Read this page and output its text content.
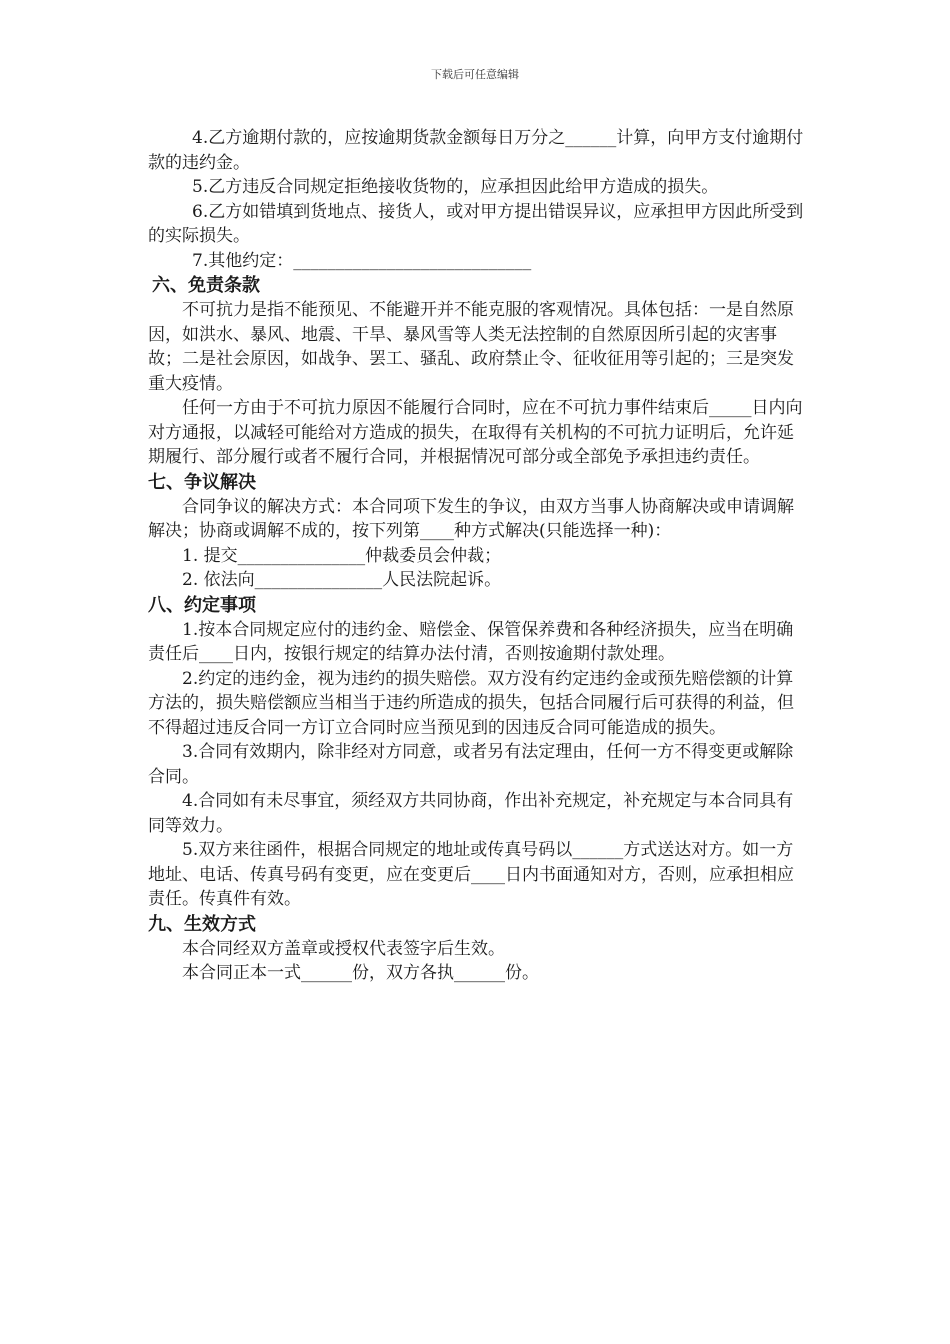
下载后可任意编辑

4.乙方逾期付款的，应按逾期货款金额每日万分之______计算，向甲方支付逾期付款的违约金。

5.乙方违反合同规定拒绝接收货物的，应承担因此给甲方造成的损失。

6.乙方如错填到货地点、接货人，或对甲方提出错误异议，应承担甲方因此所受到的实际损失。

7.其他约定：____________________________

六、免责条款

不可抗力是指不能预见、不能避开并不能克服的客观情况。具体包括：一是自然原因，如洪水、暴风、地震、干旱、暴风雪等人类无法控制的自然原因所引起的灾害事故；二是社会原因，如战争、罢工、骚乱、政府禁止令、征收征用等引起的；三是突发重大疫情。

任何一方由于不可抗力原因不能履行合同时，应在不可抗力事件结束后_____日内向对方通报，以减轻可能给对方造成的损失，在取得有关机构的不可抗力证明后，允许延期履行、部分履行或者不履行合同，并根据情况可部分或全部免予承担违约责任。

七、争议解决

合同争议的解决方式：本合同项下发生的争议，由双方当事人协商解决或申请调解解决；协商或调解不成的，按下列第____种方式解决(只能选择一种)：

1. 提交_______________仲裁委员会仲裁；

2. 依法向_______________人民法院起诉。

八、约定事项

1.按本合同规定应付的违约金、赔偿金、保管保养费和各种经济损失，应当在明确责任后____日内，按银行规定的结算办法付清，否则按逾期付款处理。

2.约定的违约金，视为违约的损失赔偿。双方没有约定违约金或预先赔偿额的计算方法的，损失赔偿额应当相当于违约所造成的损失，包括合同履行后可获得的利益，但不得超过违反合同一方订立合同时应当预见到的因违反合同可能造成的损失。

3.合同有效期内，除非经对方同意，或者另有法定理由，任何一方不得变更或解除合同。

4.合同如有未尽事宜，须经双方共同协商，作出补充规定，补充规定与本合同具有同等效力。

5.双方来往函件，根据合同规定的地址或传真号码以______方式送达对方。如一方地址、电话、传真号码有变更，应在变更后____日内书面通知对方，否则，应承担相应责任。传真件有效。

九、生效方式

本合同经双方盖章或授权代表签字后生效。

本合同正本一式______份，双方各执______份。
